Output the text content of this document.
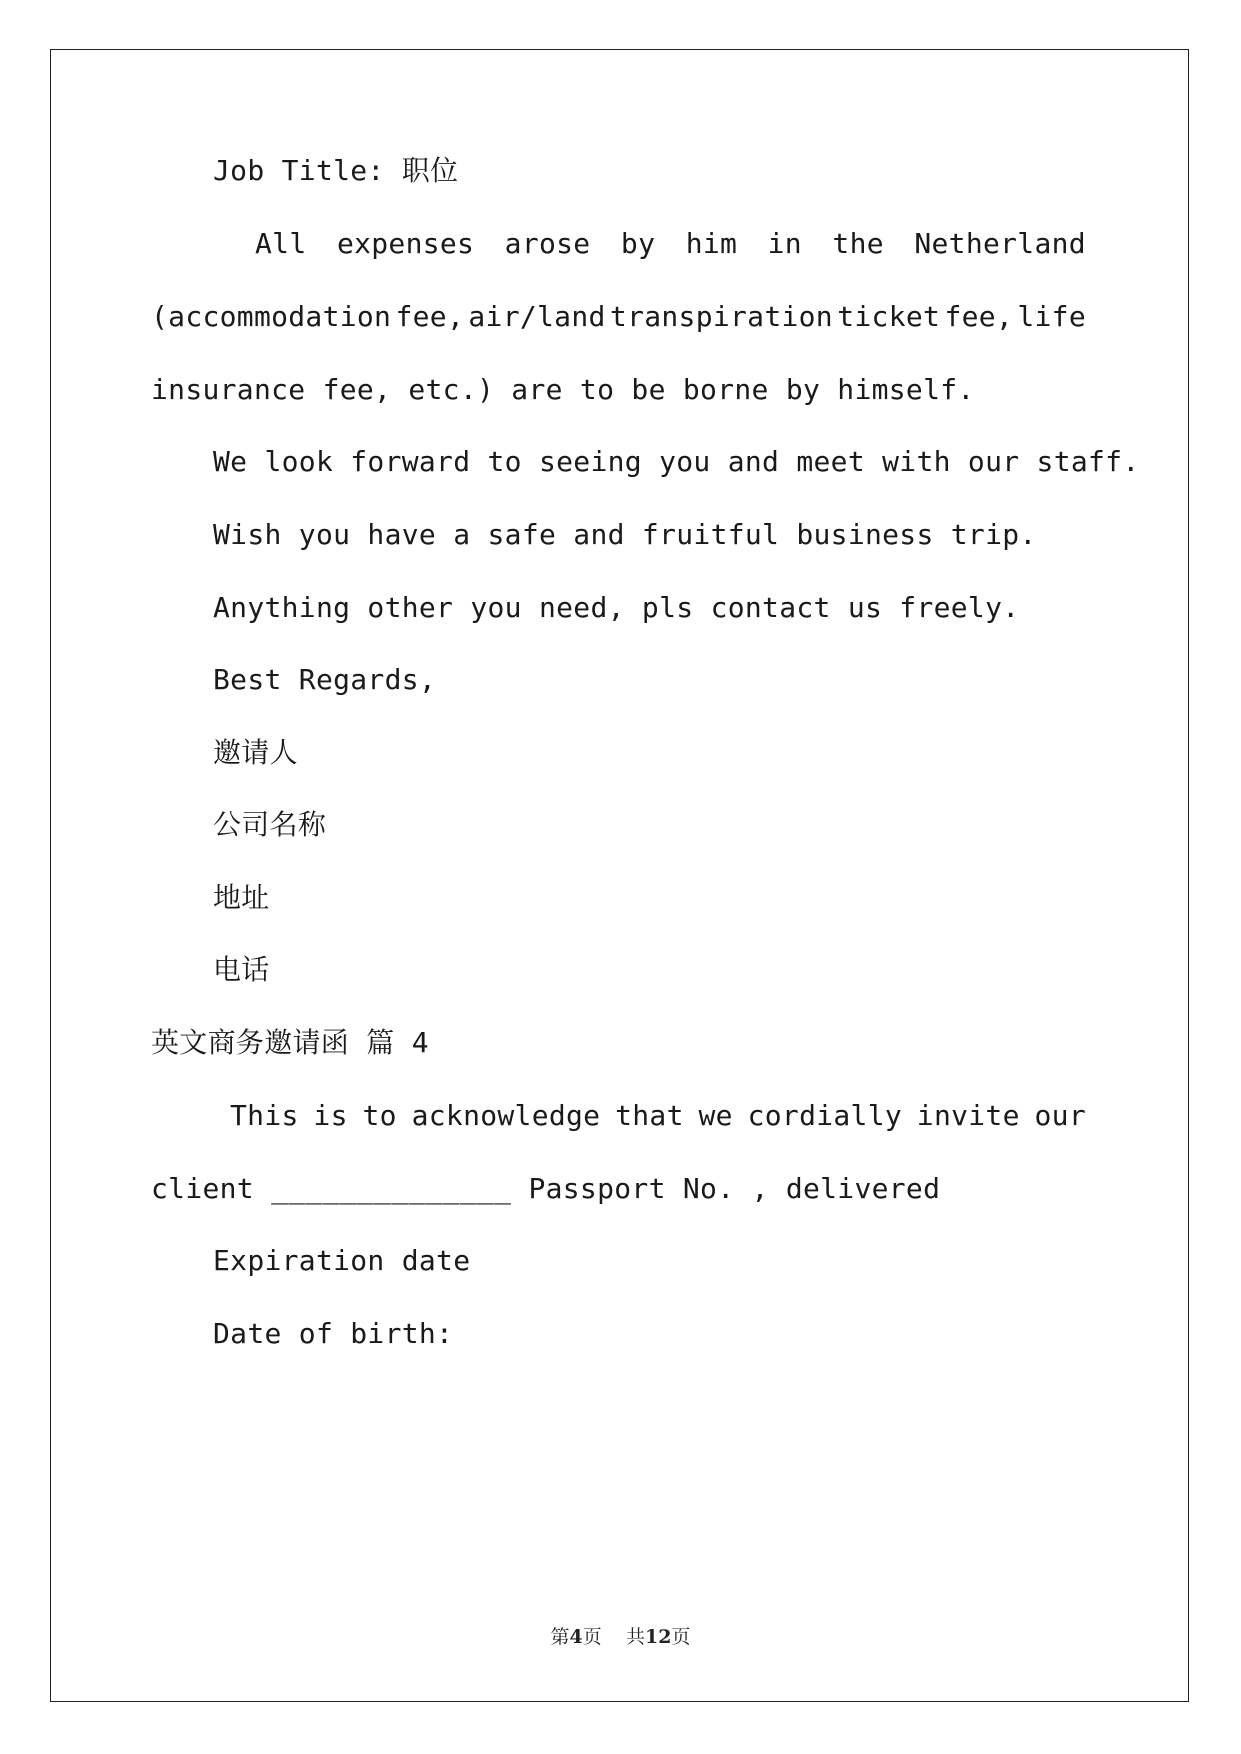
Job Title: 职位
All expenses arose by him in the Netherland
(accommodation fee, air/land transpiration ticket fee, life
insurance fee, etc.) are to be borne by himself.
We look forward to seeing you and meet with our staff.
Wish you have a safe and fruitful business trip.
Anything other you need, pls contact us freely.
Best Regards,
邀请人
公司名称
地址
电话
英文商务邀请函 篇 4
This is to acknowledge that we cordially invite our
client ______________ Passport No. , delivered
Expiration date
Date of birth:
第4页 共12页
